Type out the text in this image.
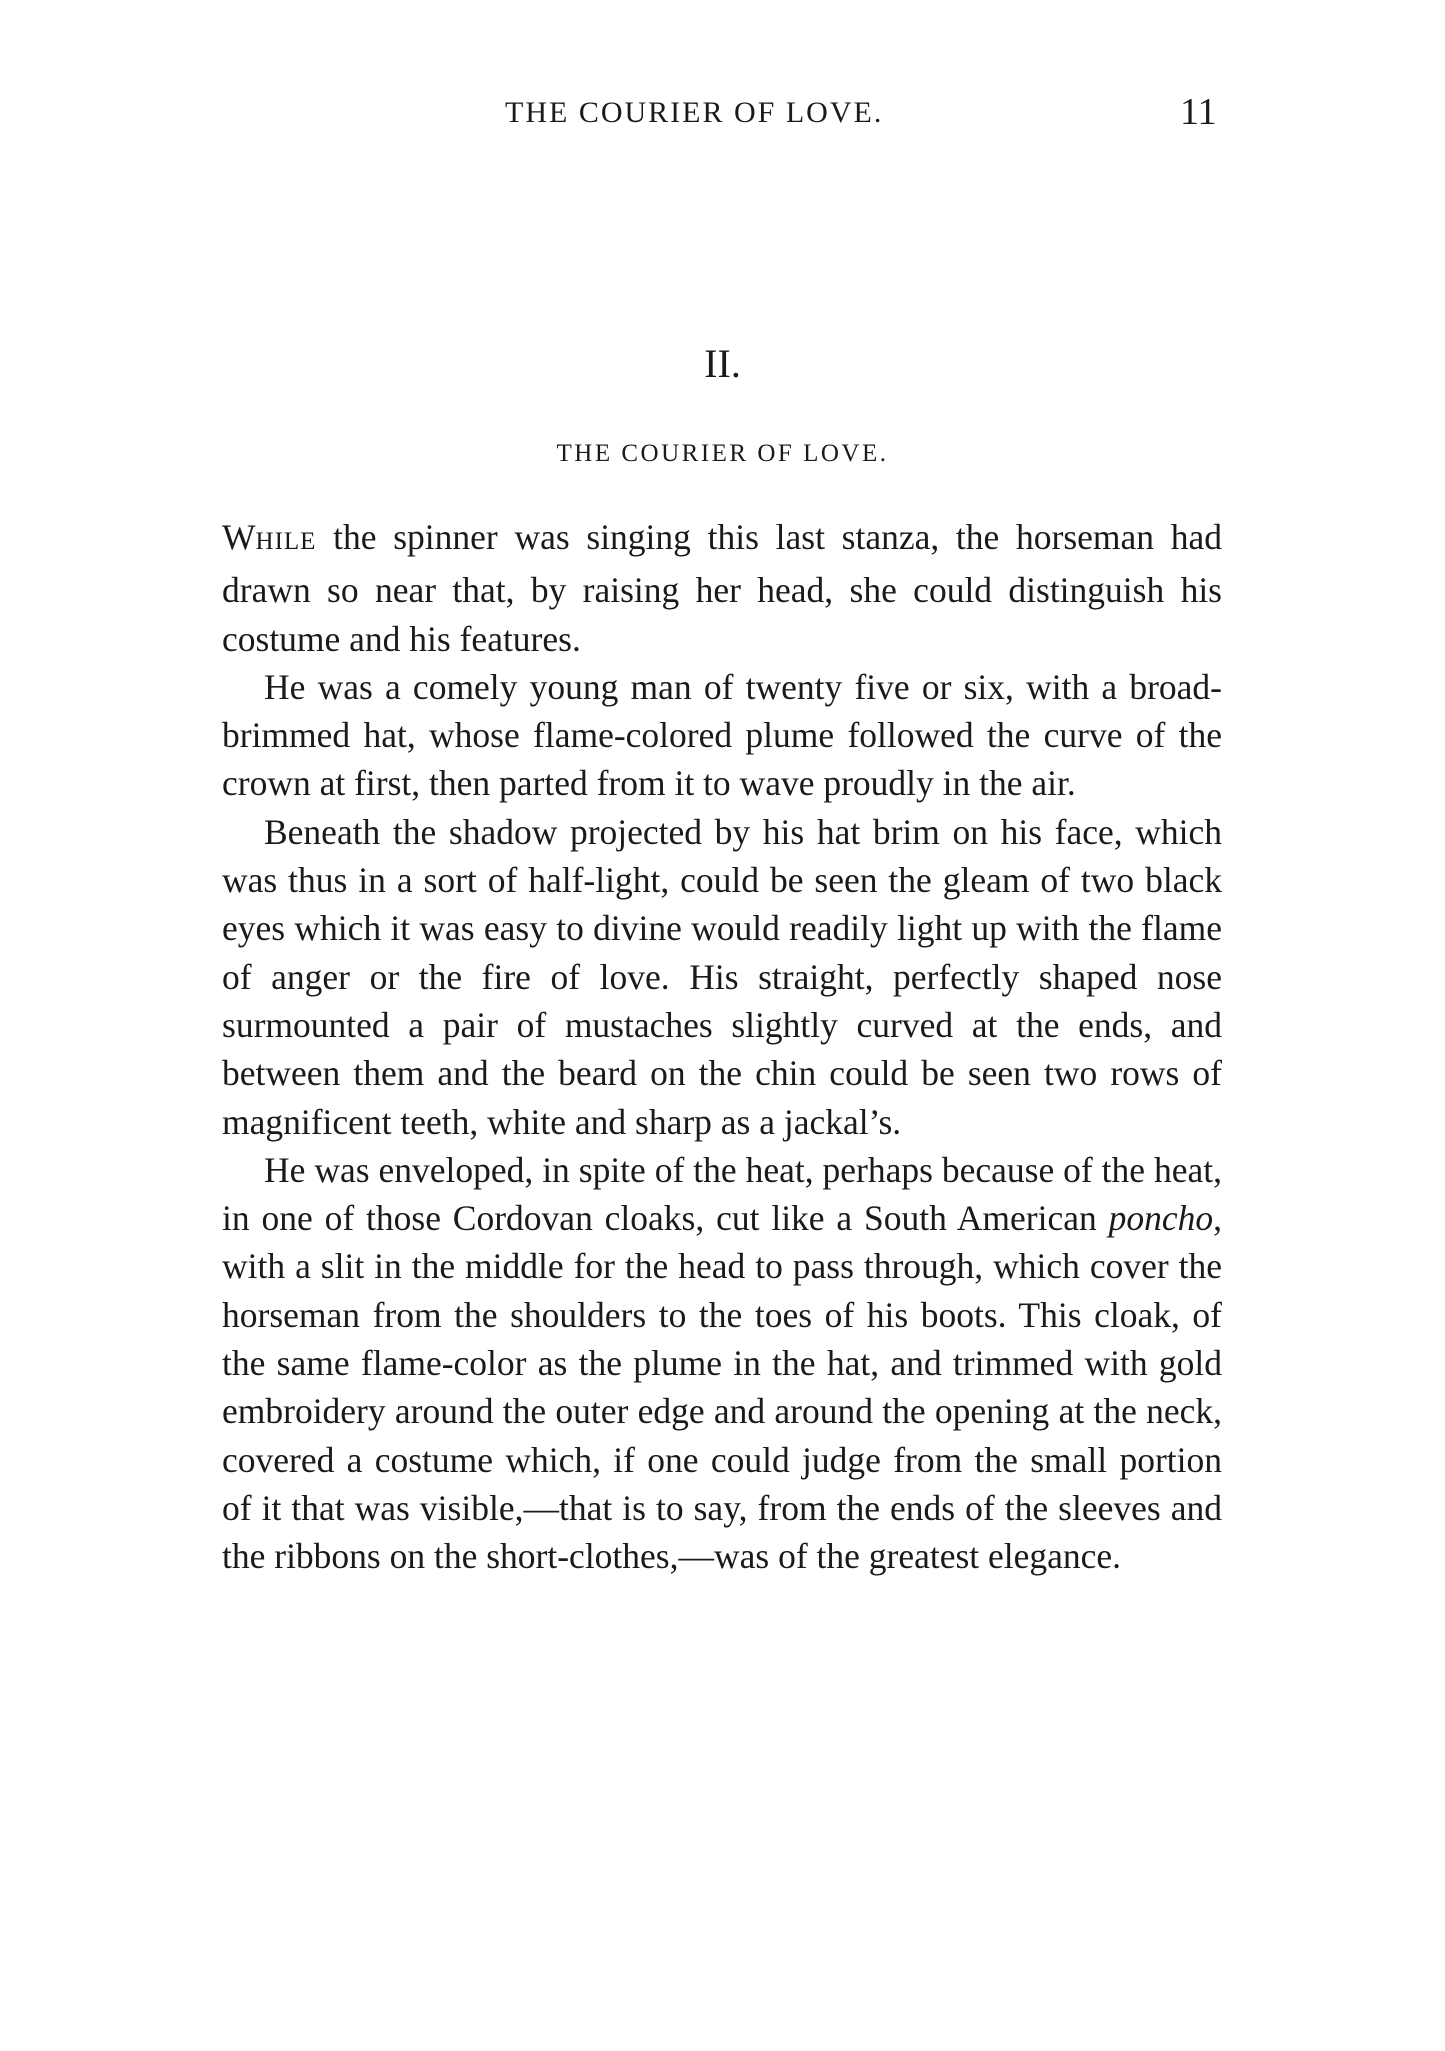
THE COURIER OF LOVE.	11
II.
THE COURIER OF LOVE.

WHILE the spinner was singing this last stanza, the horseman had drawn so near that, by raising her head, she could distinguish his costume and his features.

He was a comely young man of twenty five or six, with a broad-brimmed hat, whose flame-colored plume followed the curve of the crown at first, then parted from it to wave proudly in the air.

Beneath the shadow projected by his hat brim on his face, which was thus in a sort of half-light, could be seen the gleam of two black eyes which it was easy to divine would readily light up with the flame of anger or the fire of love. His straight, perfectly shaped nose surmounted a pair of mustaches slightly curved at the ends, and between them and the beard on the chin could be seen two rows of magnificent teeth, white and sharp as a jackal’s.

He was enveloped, in spite of the heat, perhaps because of the heat, in one of those Cordovan cloaks, cut like a South American poncho, with a slit in the middle for the head to pass through, which cover the horseman from the shoulders to the toes of his boots. This cloak, of the same flame-color as the plume in the hat, and trimmed with gold embroidery around the outer edge and around the opening at the neck, covered a costume which, if one could judge from the small portion of it that was visible,—that is to say, from the ends of the sleeves and the ribbons on the short-clothes,—was of the greatest elegance.
